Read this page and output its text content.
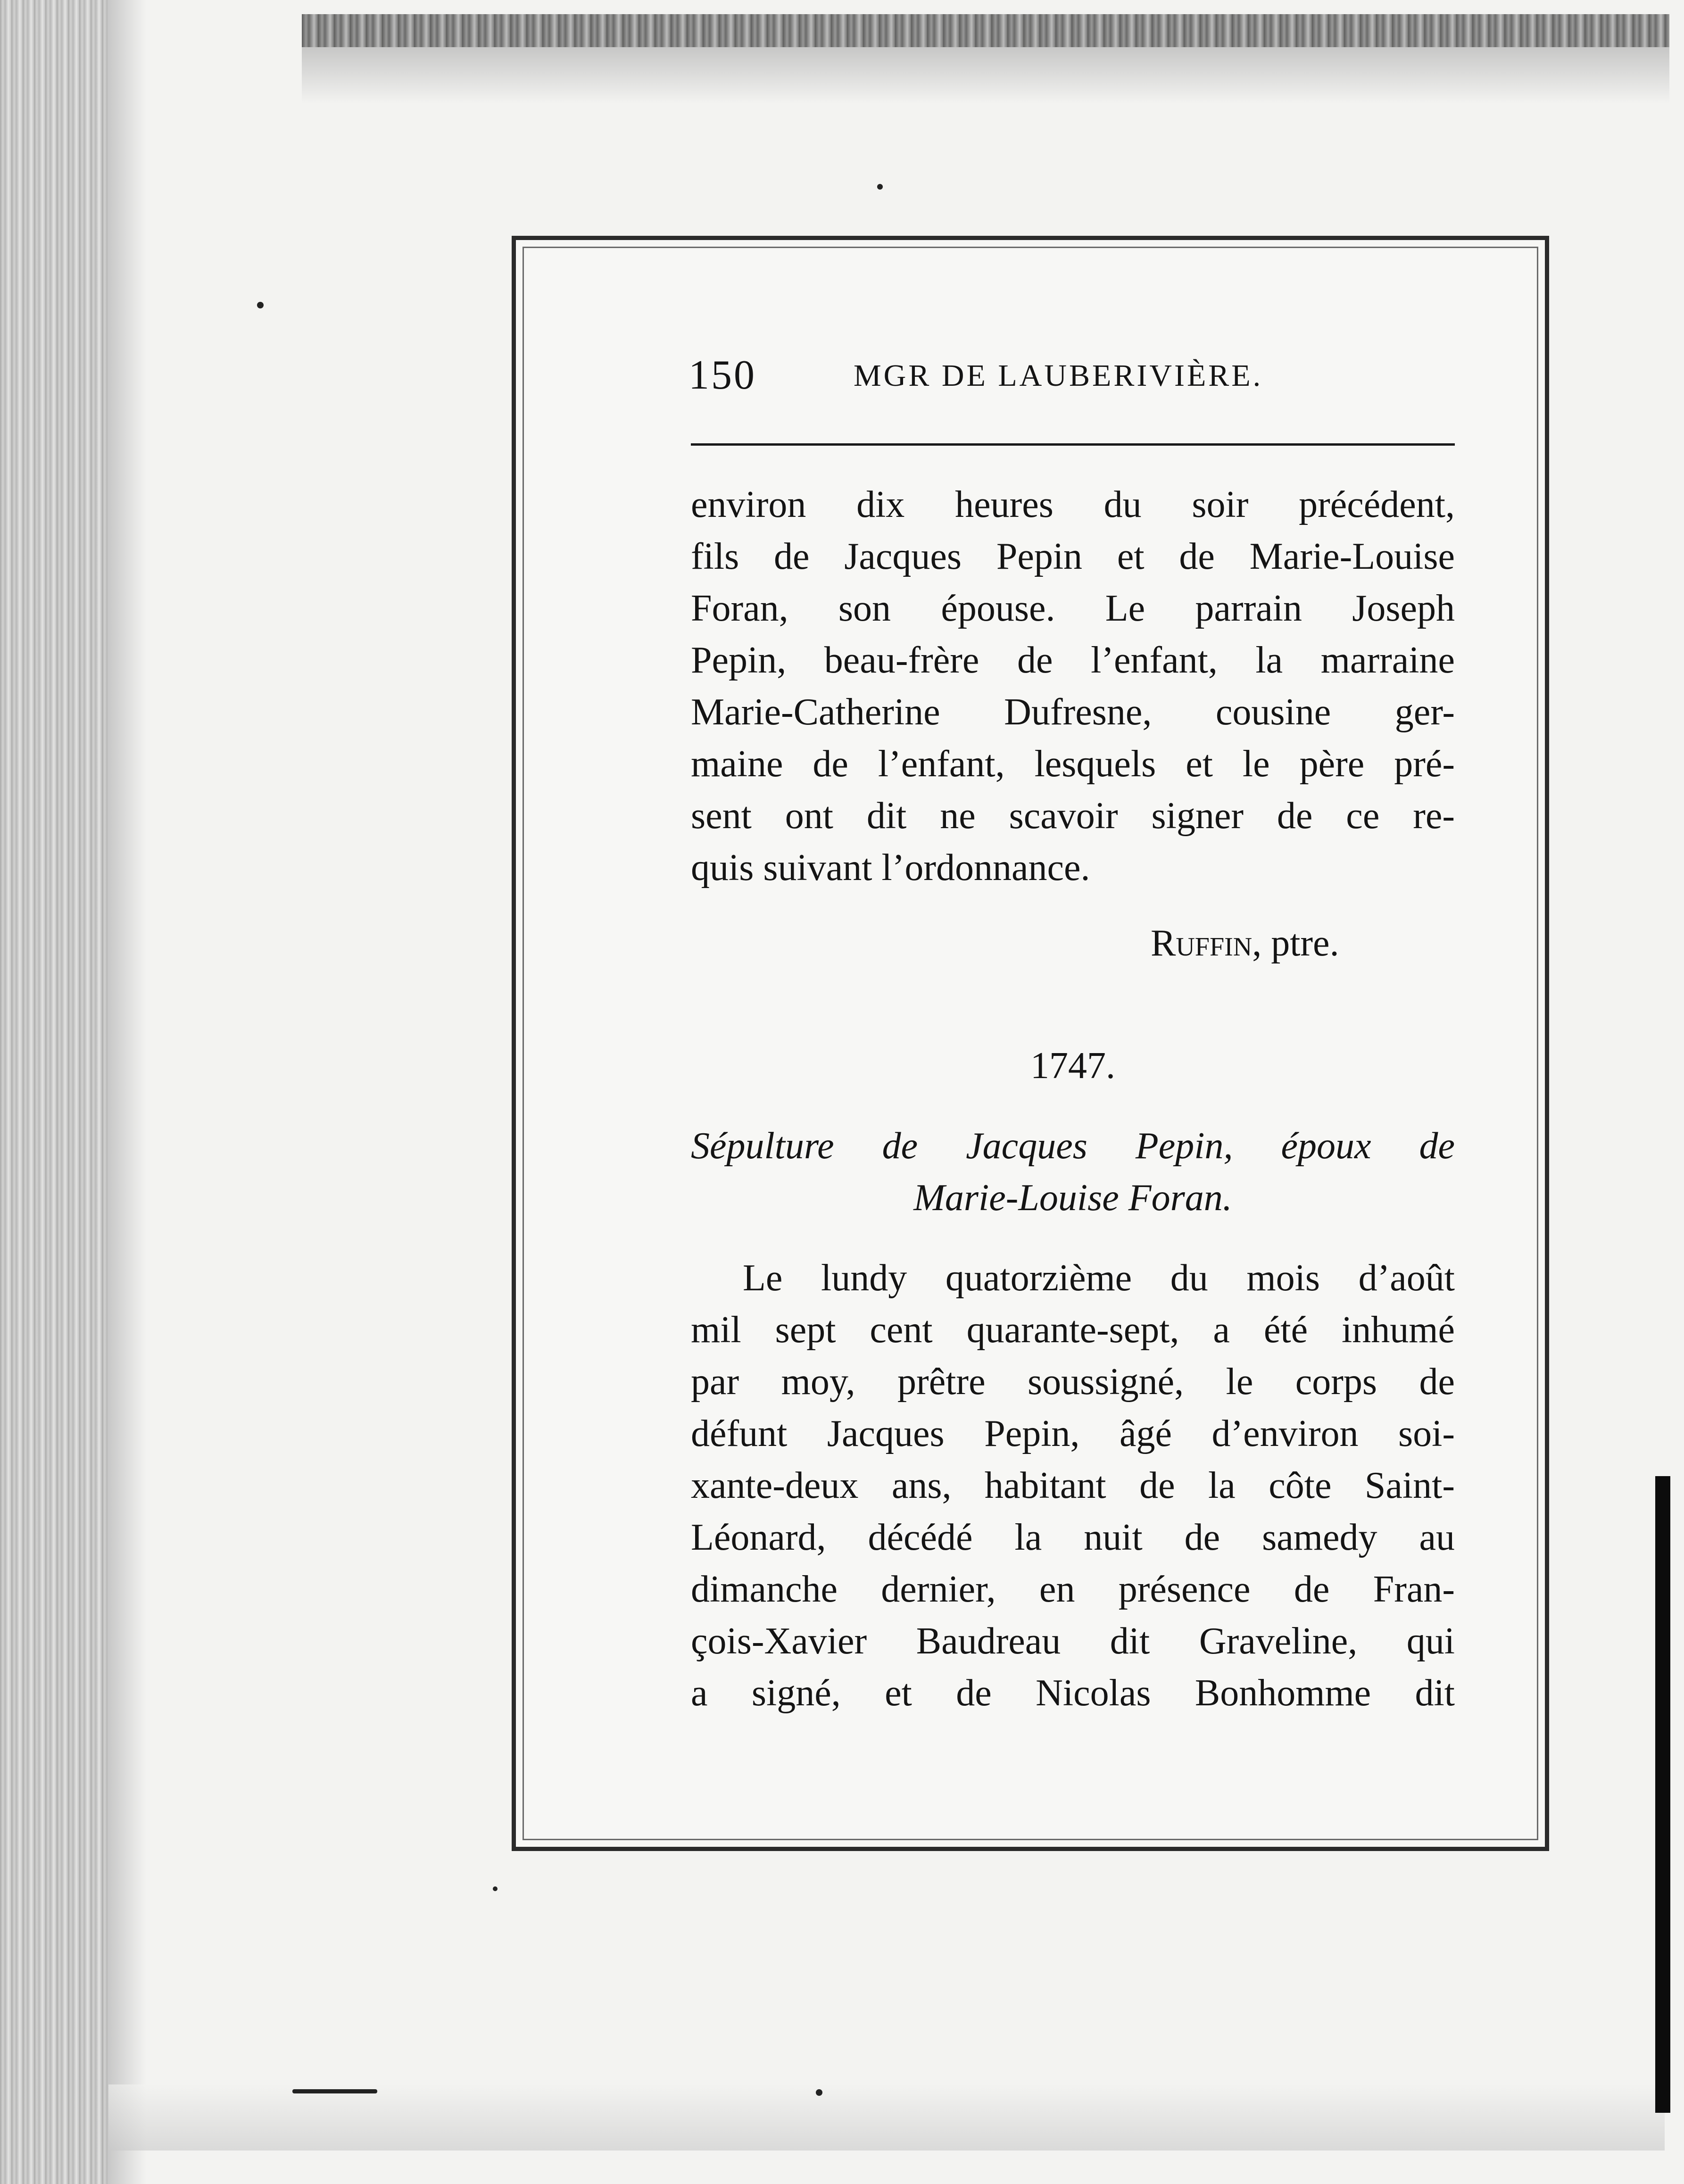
150	MGR DE LAUBERIVIÈRE.
environ dix heures du soir précédent,
fils de Jacques Pepin et de Marie-Louise
Foran, son épouse. Le parrain Joseph
Pepin, beau-frère de l’enfant, la marraine
Marie-Catherine Dufresne, cousine ger-
maine de l’enfant, lesquels et le père pré-
sent ont dit ne scavoir signer de ce re-
quis suivant l’ordonnance.
Ruffin, ptre.
1747.
Sépulture de Jacques Pepin, époux de
Marie-Louise Foran.
Le lundy quatorzième du mois d’août
mil sept cent quarante-sept, a été inhumé
par moy, prêtre soussigné, le corps de
défunt Jacques Pepin, âgé d’environ soi-
xante-deux ans, habitant de la côte Saint-
Léonard, décédé la nuit de samedy au
dimanche dernier, en présence de Fran-
çois-Xavier Baudreau dit Graveline, qui
a signé, et de Nicolas Bonhomme dit
